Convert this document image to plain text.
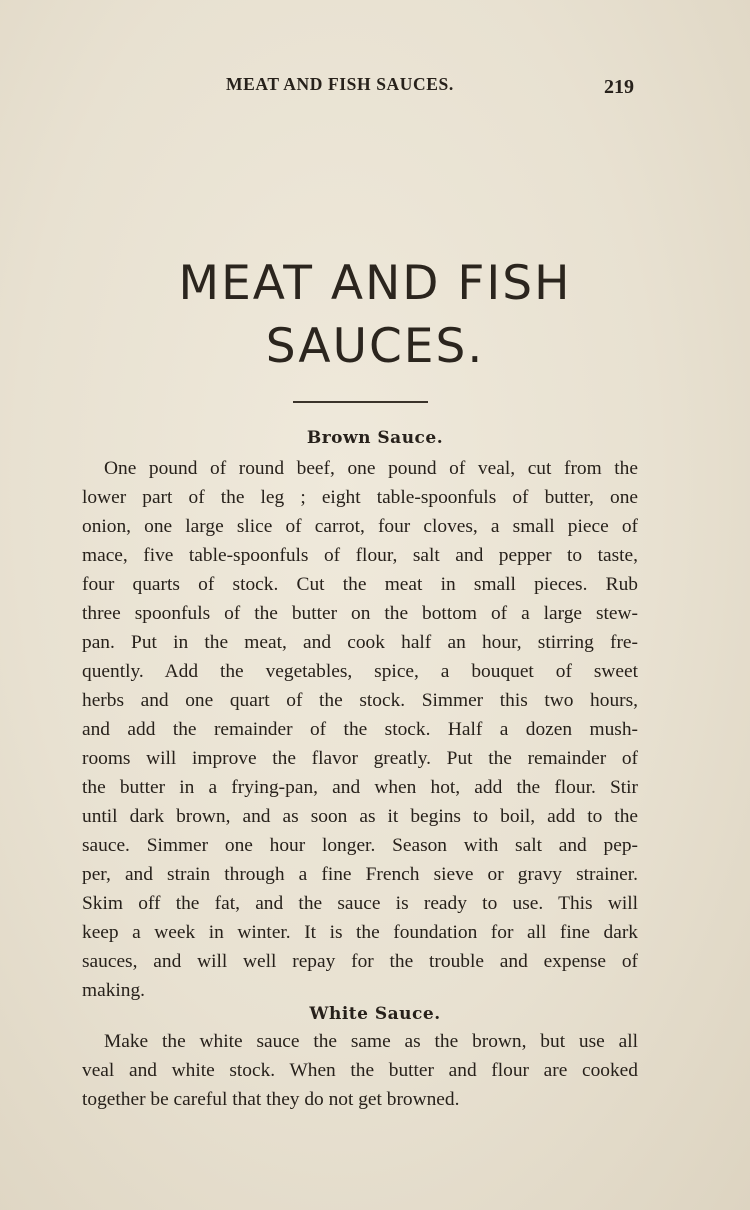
MEAT AND FISH SAUCES.	219
MEAT AND FISH
SAUCES.
Brown Sauce.
One pound of round beef, one pound of veal, cut from the
lower part of the leg ; eight table-spoonfuls of butter, one
onion, one large slice of carrot, four cloves, a small piece of
mace, five table-spoonfuls of flour, salt and pepper to taste,
four quarts of stock. Cut the meat in small pieces. Rub
three spoonfuls of the butter on the bottom of a large stew-
pan. Put in the meat, and cook half an hour, stirring fre-
quently. Add the vegetables, spice, a bouquet of sweet
herbs and one quart of the stock. Simmer this two hours,
and add the remainder of the stock. Half a dozen mush-
rooms will improve the flavor greatly. Put the remainder of
the butter in a frying-pan, and when hot, add the flour. Stir
until dark brown, and as soon as it begins to boil, add to the
sauce. Simmer one hour longer. Season with salt and pep-
per, and strain through a fine French sieve or gravy strainer.
Skim off the fat, and the sauce is ready to use. This will
keep a week in winter. It is the foundation for all fine dark
sauces, and will well repay for the trouble and expense of
making.
White Sauce.
Make the white sauce the same as the brown, but use all
veal and white stock. When the butter and flour are cooked
together be careful that they do not get browned.
